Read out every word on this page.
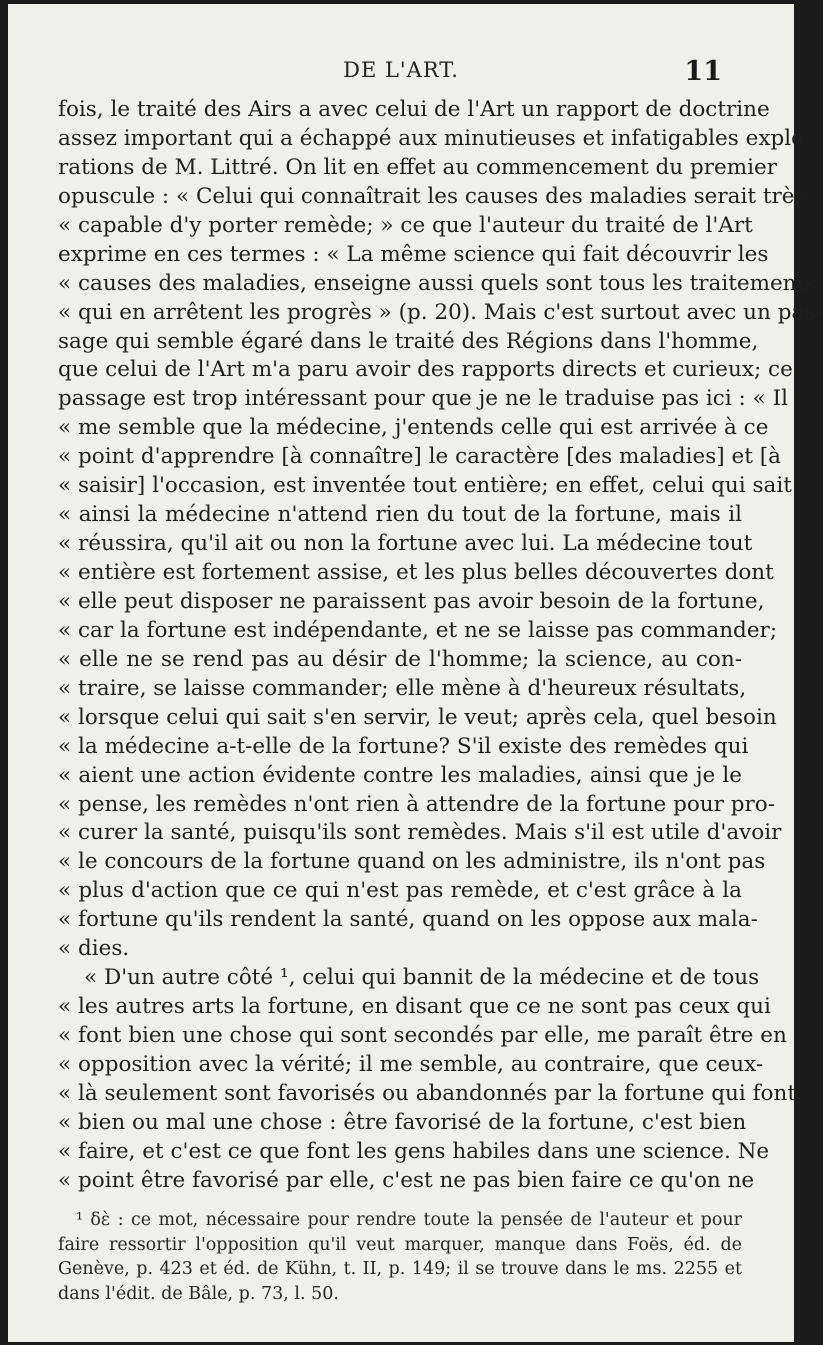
DE L'ART.	11
fois, le traité des Airs a avec celui de l'Art un rapport de doctrine
assez important qui a échappé aux minutieuses et infatigables explo-
rations de M. Littré. On lit en effet au commencement du premier
opuscule : « Celui qui connaîtrait les causes des maladies serait très-
« capable d'y porter remède; » ce que l'auteur du traité de l'Art
exprime en ces termes : « La même science qui fait découvrir les
« causes des maladies, enseigne aussi quels sont tous les traitements
« qui en arrêtent les progrès » (p. 20). Mais c'est surtout avec un pas-
sage qui semble égaré dans le traité des Régions dans l'homme,
que celui de l'Art m'a paru avoir des rapports directs et curieux; ce
passage est trop intéressant pour que je ne le traduise pas ici : « Il
« me semble que la médecine, j'entends celle qui est arrivée à ce
« point d'apprendre [à connaître] le caractère [des maladies] et [à
« saisir] l'occasion, est inventée tout entière; en effet, celui qui sait
« ainsi la médecine n'attend rien du tout de la fortune, mais il
« réussira, qu'il ait ou non la fortune avec lui. La médecine tout
« entière est fortement assise, et les plus belles découvertes dont
« elle peut disposer ne paraissent pas avoir besoin de la fortune,
« car la fortune est indépendante, et ne se laisse pas commander;
« elle ne se rend pas au désir de l'homme; la science, au con-
« traire, se laisse commander; elle mène à d'heureux résultats,
« lorsque celui qui sait s'en servir, le veut; après cela, quel besoin
« la médecine a-t-elle de la fortune? S'il existe des remèdes qui
« aient une action évidente contre les maladies, ainsi que je le
« pense, les remèdes n'ont rien à attendre de la fortune pour pro-
« curer la santé, puisqu'ils sont remèdes. Mais s'il est utile d'avoir
« le concours de la fortune quand on les administre, ils n'ont pas
« plus d'action que ce qui n'est pas remède, et c'est grâce à la
« fortune qu'ils rendent la santé, quand on les oppose aux mala-
« dies.
« D'un autre côté ¹, celui qui bannit de la médecine et de tous
« les autres arts la fortune, en disant que ce ne sont pas ceux qui
« font bien une chose qui sont secondés par elle, me paraît être en
« opposition avec la vérité; il me semble, au contraire, que ceux-
« là seulement sont favorisés ou abandonnés par la fortune qui font
« bien ou mal une chose : être favorisé de la fortune, c'est bien
« faire, et c'est ce que font les gens habiles dans une science. Ne
« point être favorisé par elle, c'est ne pas bien faire ce qu'on ne
¹ δὲ : ce mot, nécessaire pour rendre toute la pensée de l'auteur et pour
faire ressortir l'opposition qu'il veut marquer, manque dans Foës, éd. de
Genève, p. 423 et éd. de Kühn, t. II, p. 149; il se trouve dans le ms. 2255 et
dans l'édit. de Bâle, p. 73, l. 50.
